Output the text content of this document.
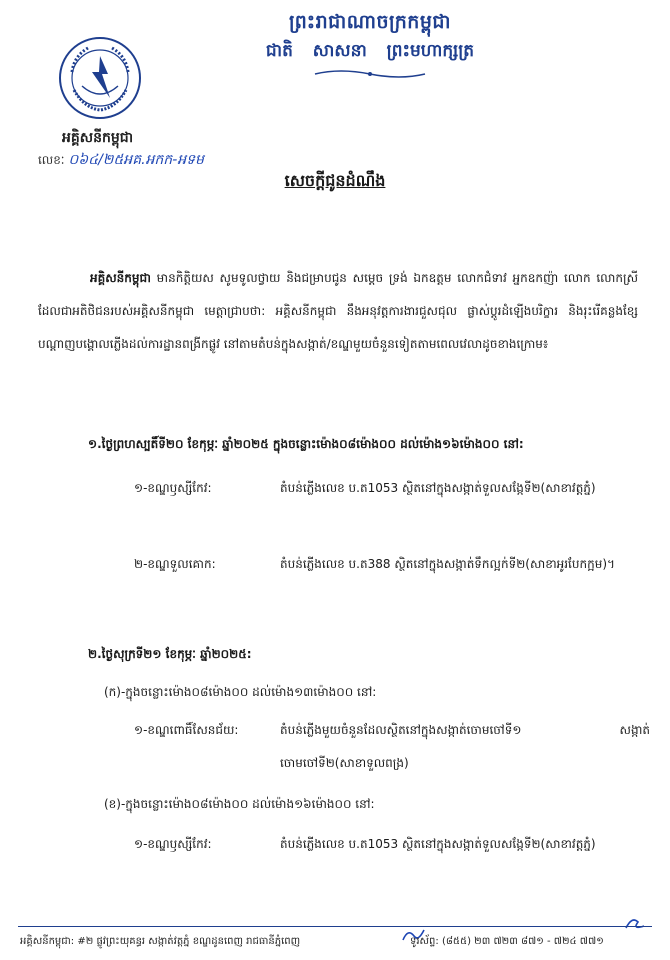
ព្រះរាជាណាចក្រកម្ពុជា
ជាតិ សាសនា ព្រះមហាក្សត្រ
អគ្គិសនីកម្ពុជា
លេខៈ ០៦៤/២៥អគ.អកក-អទម
សេចក្តីជូនដំណឹង
អគ្គិសនីកម្ពុជា មានកិត្តិយស សូមទូលថ្វាយ និងជម្រាបជូន សម្តេច ទ្រង់ ឯកឧត្តម លោកជំទាវ អ្នកឧកញ៉ា លោក លោកស្រី ដែលជាអតិថិជនរបស់អគ្គិសនីកម្ពុជា មេត្តាជ្រាបថា: អគ្គិសនីកម្ពុជា នឹងអនុវត្តការងារជួសជុល ផ្លាស់ប្តូរដំឡើងបរិក្ខារ និងរុះរើគន្លងខ្សែបណ្តាញបង្គោលភ្លើងដល់ការដ្ឋានពង្រីកផ្លូវ នៅតាមតំបន់ក្នុងសង្កាត់/ខណ្ឌមួយចំនួនទៀតតាមពេលវេលាដូចខាងក្រោម៖
១.ថ្ងៃព្រហស្បតិ៍ទី២០ ខែកុម្ភៈ ឆ្នាំ២០២៥ ក្នុងចន្លោះម៉ោង០៨ម៉ោង០០ ដល់ម៉ោង១៦ម៉ោង០០ នៅ:
១-ខណ្ឌឫស្សីកែវ:	តំបន់ភ្លើងលេខ ប.ត1053 ស្ថិតនៅក្នុងសង្កាត់ទួលសង្កែទី២(សាខាវត្តភ្នំ)
២-ខណ្ឌទួលគោក:	តំបន់ភ្លើងលេខ ប.ត388 ស្ថិតនៅក្នុងសង្កាត់ទឹកល្អក់ទី២(សាខាអូរបែកក្អម)។
២.ថ្ងៃសុក្រទី២១ ខែកុម្ភៈ ឆ្នាំ២០២៥:
(ក)-ក្នុងចន្លោះម៉ោង០៨ម៉ោង០០ ដល់ម៉ោង១៣ម៉ោង០០ នៅ:
១-ខណ្ឌពោធិ៍សែនជ័យ:	តំបន់ភ្លើងមួយចំនួនដែលស្ថិតនៅក្នុងសង្កាត់ចោមចៅទី១ សង្កាត់ចោមចៅទី២(សាខាទួលពង្រ)
(ខ)-ក្នុងចន្លោះម៉ោង០៨ម៉ោង០០ ដល់ម៉ោង១៦ម៉ោង០០ នៅ:
១-ខណ្ឌឫស្សីកែវ:	តំបន់ភ្លើងលេខ ប.ត1053 ស្ថិតនៅក្នុងសង្កាត់ទួលសង្កែទី២(សាខាវត្តភ្នំ)
អគ្គិសនីកម្ពុជា: #២ ផ្លូវព្រះយុគន្ធរ សង្កាត់វត្តភ្នំ ខណ្ឌដូនពេញ រាជធានីភ្នំពេញ	ទូរស័ព្ទ: (៨៥៥) ២៣ ៧២៣ ៨៧១ - ៧២៤ ៧៧១
